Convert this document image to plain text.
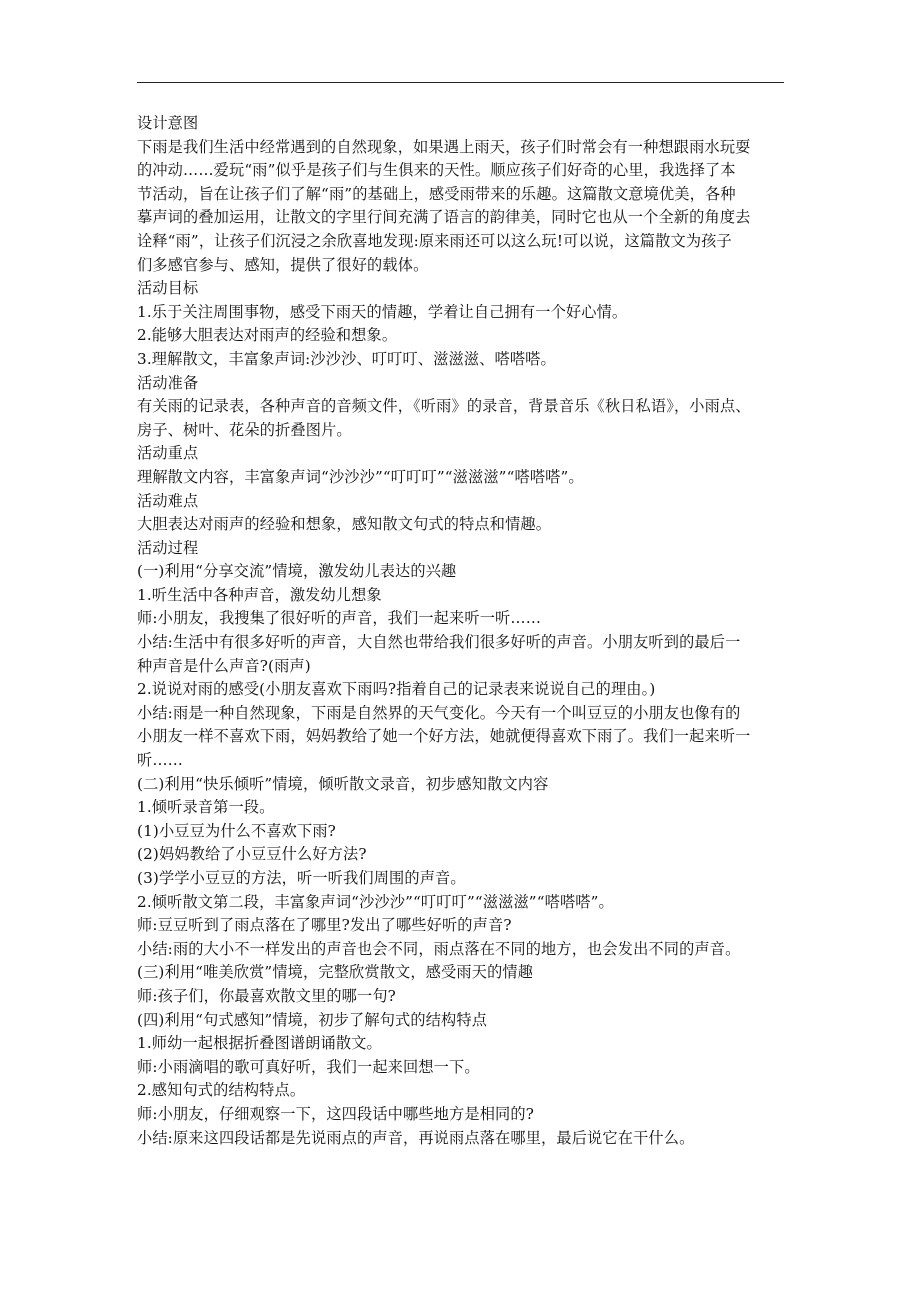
设计意图
下雨是我们生活中经常遇到的自然现象，如果遇上雨天，孩子们时常会有一种想跟雨水玩耍
的冲动……爱玩“雨”似乎是孩子们与生俱来的天性。顺应孩子们好奇的心里，我选择了本
节活动，旨在让孩子们了解“雨”的基础上，感受雨带来的乐趣。这篇散文意境优美，各种
摹声词的叠加运用，让散文的字里行间充满了语言的韵律美，同时它也从一个全新的角度去
诠释“雨”，让孩子们沉浸之余欣喜地发现:原来雨还可以这么玩!可以说，这篇散文为孩子
们多感官参与、感知，提供了很好的载体。
活动目标
1.乐于关注周围事物，感受下雨天的情趣，学着让自己拥有一个好心情。
2.能够大胆表达对雨声的经验和想象。
3.理解散文，丰富象声词:沙沙沙、叮叮叮、滋滋滋、嗒嗒嗒。
活动准备
有关雨的记录表，各种声音的音频文件，《听雨》的录音，背景音乐《秋日私语》，小雨点、
房子、树叶、花朵的折叠图片。
活动重点
理解散文内容，丰富象声词“沙沙沙”“叮叮叮”“滋滋滋”“嗒嗒嗒”。
活动难点
大胆表达对雨声的经验和想象，感知散文句式的特点和情趣。
活动过程
(一)利用“分享交流”情境，激发幼儿表达的兴趣
1.听生活中各种声音，激发幼儿想象
师:小朋友，我搜集了很好听的声音，我们一起来听一听……
小结:生活中有很多好听的声音，大自然也带给我们很多好听的声音。小朋友听到的最后一
种声音是什么声音?(雨声)
2.说说对雨的感受(小朋友喜欢下雨吗?指着自己的记录表来说说自己的理由。)
小结:雨是一种自然现象，下雨是自然界的天气变化。今天有一个叫豆豆的小朋友也像有的
小朋友一样不喜欢下雨，妈妈教给了她一个好方法，她就便得喜欢下雨了。我们一起来听一
听……
(二)利用“快乐倾听”情境，倾听散文录音，初步感知散文内容
1.倾听录音第一段。
(1)小豆豆为什么不喜欢下雨?
(2)妈妈教给了小豆豆什么好方法?
(3)学学小豆豆的方法，听一听我们周围的声音。
2.倾听散文第二段，丰富象声词“沙沙沙”“叮叮叮”“滋滋滋”“嗒嗒嗒”。
师:豆豆听到了雨点落在了哪里?发出了哪些好听的声音?
小结:雨的大小不一样发出的声音也会不同，雨点落在不同的地方，也会发出不同的声音。
(三)利用“唯美欣赏”情境，完整欣赏散文，感受雨天的情趣
师:孩子们，你最喜欢散文里的哪一句?
(四)利用“句式感知”情境，初步了解句式的结构特点
1.师幼一起根据折叠图谱朗诵散文。
师:小雨滴唱的歌可真好听，我们一起来回想一下。
2.感知句式的结构特点。
师:小朋友，仔细观察一下，这四段话中哪些地方是相同的?
小结:原来这四段话都是先说雨点的声音，再说雨点落在哪里，最后说它在干什么。
